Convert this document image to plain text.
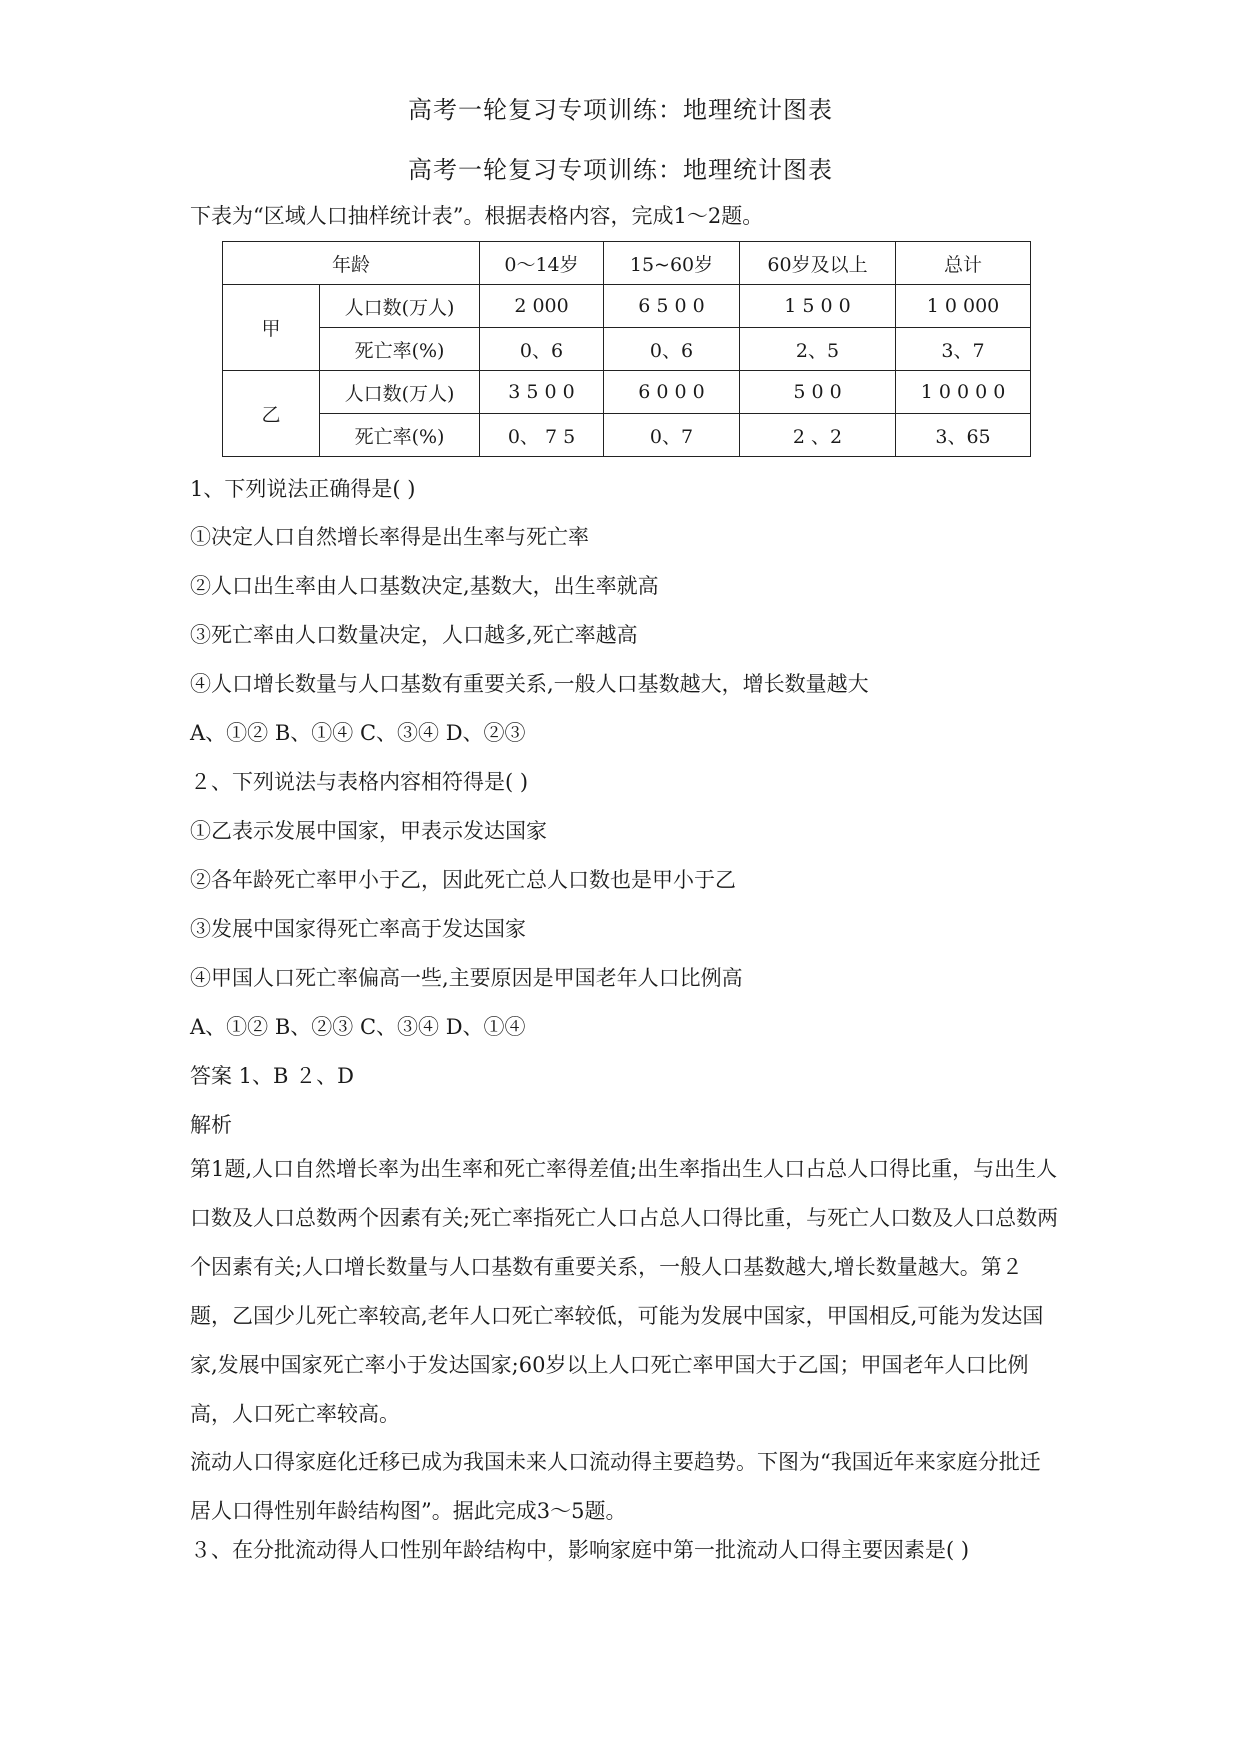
高考一轮复习专项训练：地理统计图表
高考一轮复习专项训练：地理统计图表
下表为“区域人口抽样统计表”。根据表格内容，完成1～2题。
年龄		0～14岁	15~60岁	60岁及以上	总计
甲	人口数(万人)	2 000	6 5 0 0	1 5 0 0	1 0 000
	死亡率(%)	0、6	0、6	2、5	3、7
乙	人口数(万人)	3 5 0 0	6 0 0 0	5 0 0	1 0 0 0 0
	死亡率(%)	0、 7 5	0、7	2 、2	3、65
1、下列说法正确得是( )
①决定人口自然增长率得是出生率与死亡率
②人口出生率由人口基数决定,基数大，出生率就高
③死亡率由人口数量决定，人口越多,死亡率越高
④人口增长数量与人口基数有重要关系,一般人口基数越大，增长数量越大
A、①② B、①④ C、③④ D、②③
２、下列说法与表格内容相符得是( )
①乙表示发展中国家，甲表示发达国家
②各年龄死亡率甲小于乙，因此死亡总人口数也是甲小于乙
③发展中国家得死亡率高于发达国家
④甲国人口死亡率偏高一些,主要原因是甲国老年人口比例高
A、①② B、②③ C、③④ D、①④
答案 1、B ２、D
解析
第1题,人口自然增长率为出生率和死亡率得差值;出生率指出生人口占总人口得比重，与出生人口数及人口总数两个因素有关;死亡率指死亡人口占总人口得比重，与死亡人口数及人口总数两个因素有关;人口增长数量与人口基数有重要关系，一般人口基数越大,增长数量越大。第２题，乙国少儿死亡率较高,老年人口死亡率较低，可能为发展中国家，甲国相反,可能为发达国家,发展中国家死亡率小于发达国家;60岁以上人口死亡率甲国大于乙国；甲国老年人口比例高，人口死亡率较高。
流动人口得家庭化迁移已成为我国未来人口流动得主要趋势。下图为“我国近年来家庭分批迁居人口得性别年龄结构图”。据此完成3～5题。
３、在分批流动得人口性别年龄结构中，影响家庭中第一批流动人口得主要因素是( )
